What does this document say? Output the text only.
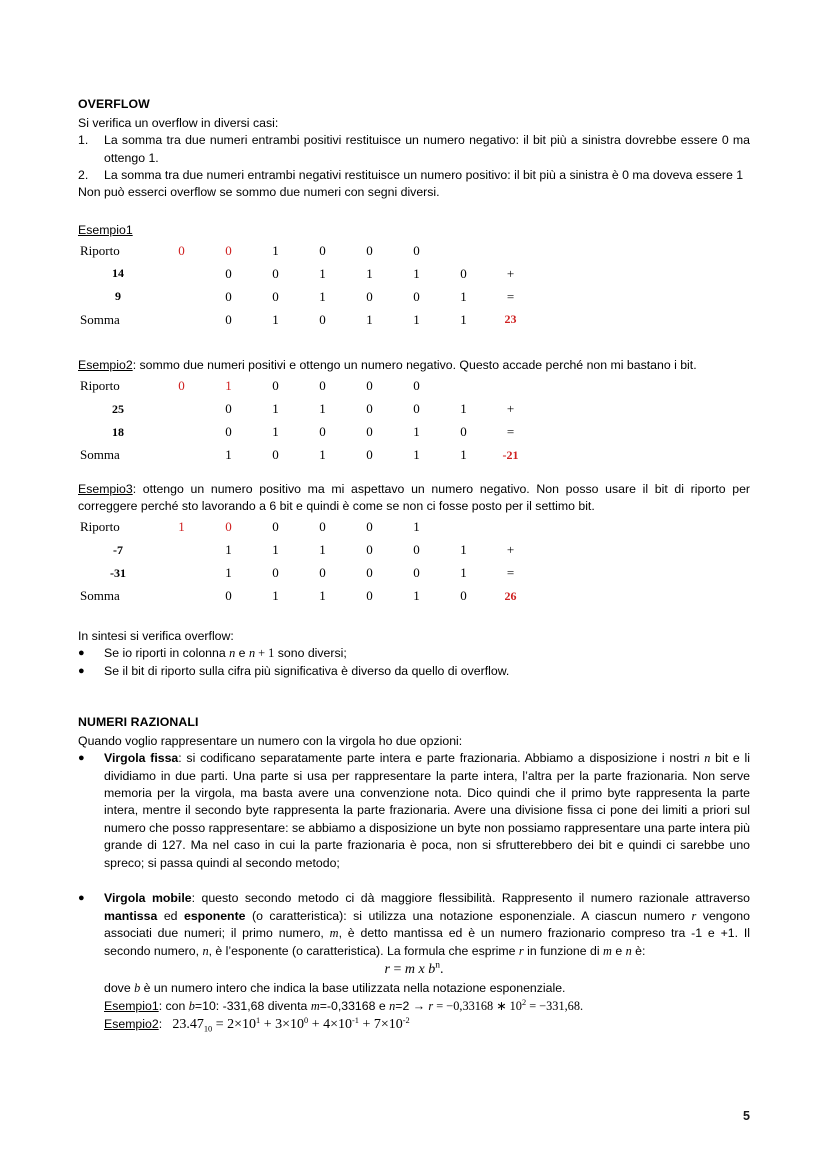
OVERFLOW
Si verifica un overflow in diversi casi:
1.	La somma tra due numeri entrambi positivi restituisce un numero negativo: il bit più a sinistra dovrebbe essere 0 ma ottengo 1.
2.	La somma tra due numeri entrambi negativi restituisce un numero positivo: il bit più a sinistra è 0 ma doveva essere 1
Non può esserci overflow se sommo due numeri con segni diversi.
Esempio1
Riporto	0	0	1	0	0	0		
14		0	0	1	1	1	0	+
9		0	0	1	0	0	1	=
Somma		0	1	0	1	1	1	23
Esempio2: sommo due numeri positivi e ottengo un numero negativo. Questo accade perché non mi bastano i bit.
Riporto	0	1	0	0	0	0		
25		0	1	1	0	0	1	+
18		0	1	0	0	1	0	=
Somma		1	0	1	0	1	1	-21
Esempio3: ottengo un numero positivo ma mi aspettavo un numero negativo. Non posso usare il bit di riporto per correggere perché sto lavorando a 6 bit e quindi è come se non ci fosse posto per il settimo bit.
Riporto	1	0	0	0	0	1		
-7		1	1	1	0	0	1	+
-31		1	0	0	0	0	1	=
Somma		0	1	1	0	1	0	26
In sintesi si verifica overflow:
●	Se io riporti in colonna n e n + 1 sono diversi;
●	Se il bit di riporto sulla cifra più significativa è diverso da quello di overflow.
NUMERI RAZIONALI
Quando voglio rappresentare un numero con la virgola ho due opzioni:
●	Virgola fissa: si codificano separatamente parte intera e parte frazionaria. Abbiamo a disposizione i nostri n bit e li dividiamo in due parti. Una parte si usa per rappresentare la parte intera, l’altra per la parte frazionaria. Non serve memoria per la virgola, ma basta avere una convenzione nota. Dico quindi che il primo byte rappresenta la parte intera, mentre il secondo byte rappresenta la parte frazionaria. Avere una divisione fissa ci pone dei limiti a priori sul numero che posso rappresentare: se abbiamo a disposizione un byte non possiamo rappresentare una parte intera più grande di 127. Ma nel caso in cui la parte frazionaria è poca, non si sfrutterebbero dei bit e quindi ci sarebbe uno spreco; si passa quindi al secondo metodo;
●	Virgola mobile: questo secondo metodo ci dà maggiore flessibilità. Rappresento il numero razionale attraverso mantissa ed esponente (o caratteristica): si utilizza una notazione esponenziale. A ciascun numero r vengono associati due numeri; il primo numero, m, è detto mantissa ed è un numero frazionario compreso tra -1 e +1. Il secondo numero, n, è l’esponente (o caratteristica). La formula che esprime r in funzione di m e n è:
r = m x $b^n$.
dove b è un numero intero che indica la base utilizzata nella notazione esponenziale.
Esempio1: con b=10: -331,68 diventa m=-0,33168 e n=2 → r = −0,33168 ∗ $10^2 = -331,68$.
Esempio2: $23.47_{10} = 2\times 10^1 + 3\times 10^0 + 4\times 10^{-1} + 7\times 10^{-2}$
5
